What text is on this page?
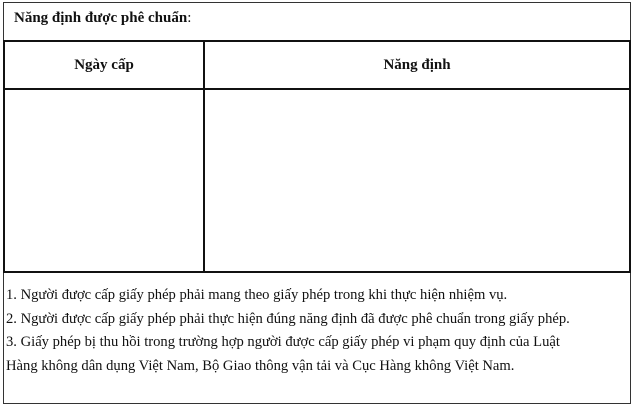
Năng định được phê chuẩn:
Ngày cấp	Năng định
1. Người được cấp giấy phép phải mang theo giấy phép trong khi thực hiện nhiệm vụ.
2. Người được cấp giấy phép phải thực hiện đúng năng định đã được phê chuẩn trong giấy phép.
3. Giấy phép bị thu hồi trong trường hợp người được cấp giấy phép vi phạm quy định của Luật
Hàng không dân dụng Việt Nam, Bộ Giao thông vận tải và Cục Hàng không Việt Nam.
